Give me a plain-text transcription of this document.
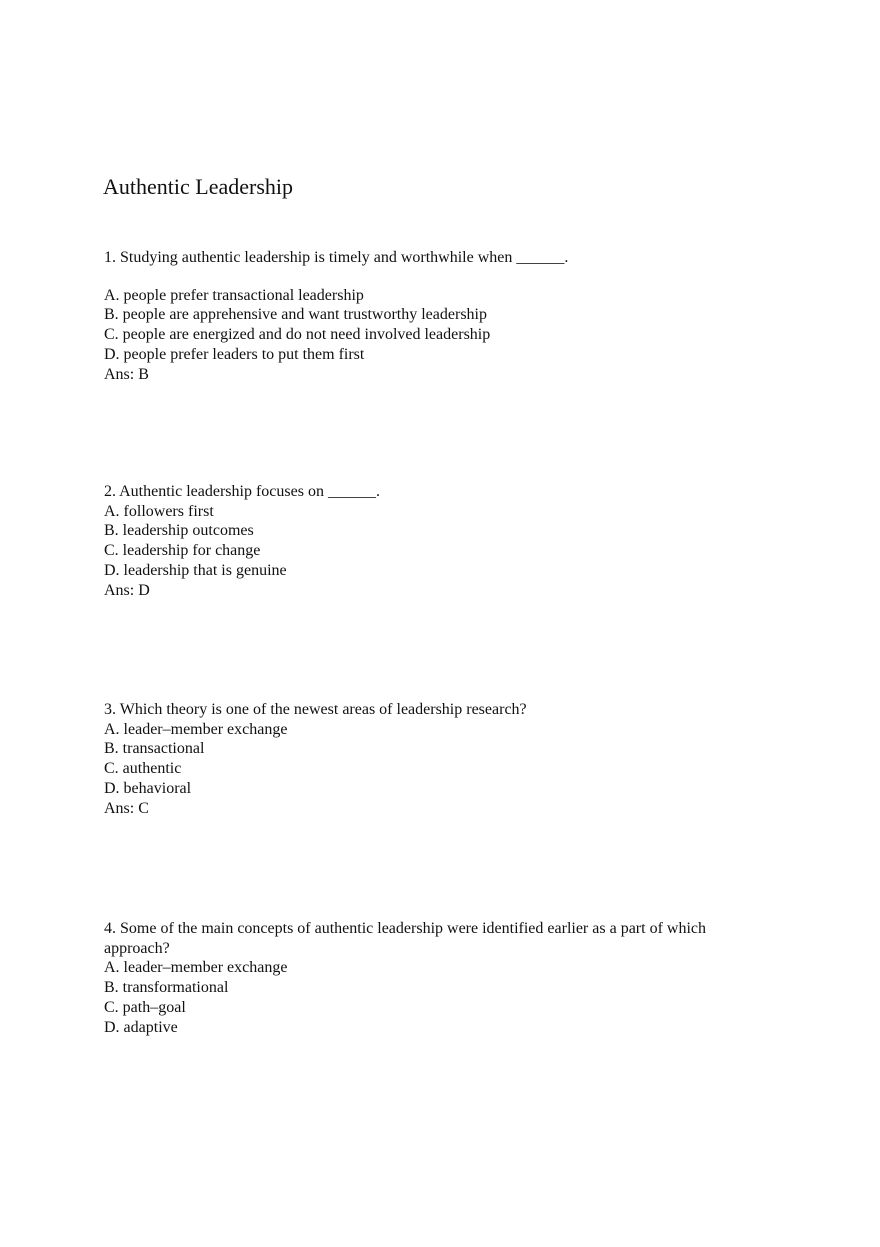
Authentic Leadership

1. Studying authentic leadership is timely and worthwhile when ______.

A. people prefer transactional leadership
B. people are apprehensive and want trustworthy leadership
C. people are energized and do not need involved leadership
D. people prefer leaders to put them first

Ans: B

2. Authentic leadership focuses on ______.

A. followers first
B. leadership outcomes
C. leadership for change
D. leadership that is genuine

Ans: D

3. Which theory is one of the newest areas of leadership research?

A. leader–member exchange
B. transactional
C. authentic
D. behavioral

Ans: C

4. Some of the main concepts of authentic leadership were identified earlier as a part of which approach?

A. leader–member exchange
B. transformational
C. path–goal
D. adaptive
